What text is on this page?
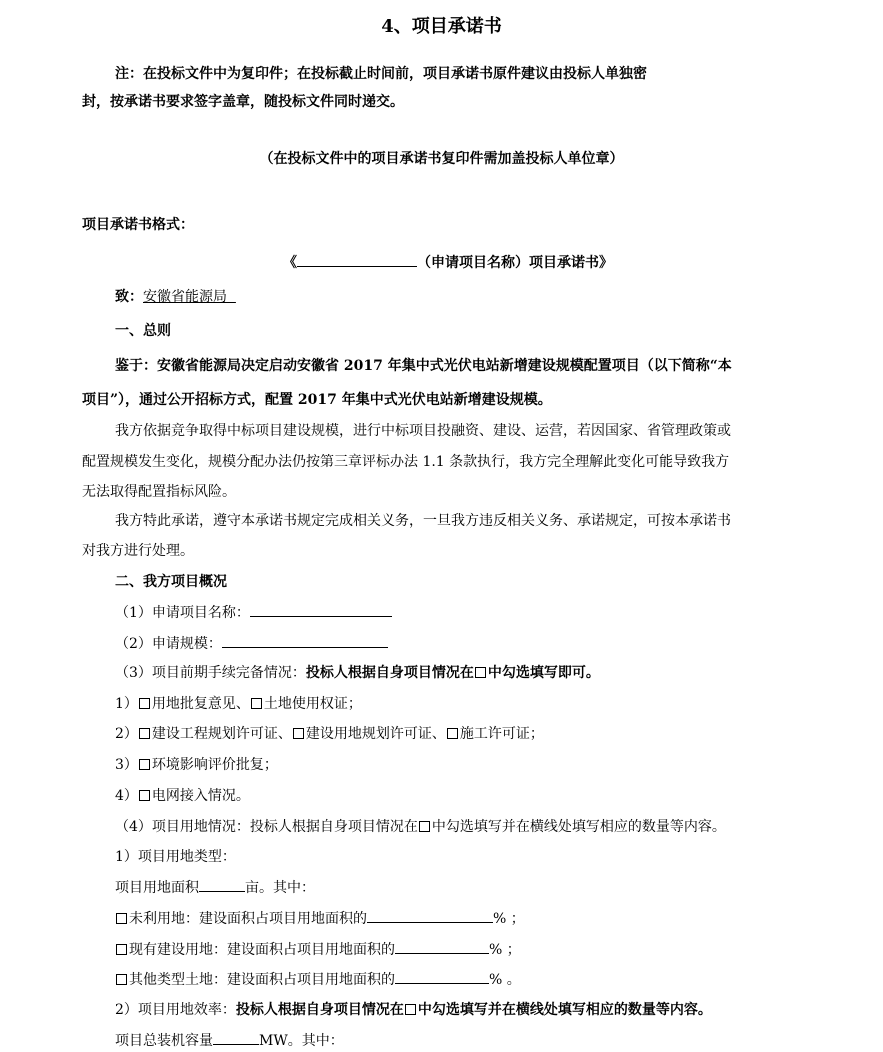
4、项目承诺书
注：在投标文件中为复印件；在投标截止时间前，项目承诺书原件建议由投标人单独密
封，按承诺书要求签字盖章，随投标文件同时递交。
（在投标文件中的项目承诺书复印件需加盖投标人单位章）
项目承诺书格式：
《	（申请项目名称）项目承诺书》
致：安徽省能源局
一、总则
鉴于：安徽省能源局决定启动安徽省 2017 年集中式光伏电站新增建设规模配置项目（以下简称“本
项目”），通过公开招标方式，配置 2017 年集中式光伏电站新增建设规模。
我方依据竞争取得中标项目建设规模，进行中标项目投融资、建设、运营，若因国家、省管理政策或
配置规模发生变化，规模分配办法仍按第三章评标办法 1.1 条款执行，我方完全理解此变化可能导致我方
无法取得配置指标风险。
我方特此承诺，遵守本承诺书规定完成相关义务，一旦我方违反相关义务、承诺规定，可按本承诺书
对我方进行处理。
二、我方项目概况
（1）申请项目名称：
（2）申请规模：
（3）项目前期手续完备情况：投标人根据自身项目情况在 中勾选填写即可。
1） 用地批复意见、 土地使用权证；
2） 建设工程规划许可证、 建设用地规划许可证、 施工许可证；
3） 环境影响评价批复；
4） 电网接入情况。
（4）项目用地情况：投标人根据自身项目情况在 中勾选填写并在横线处填写相应的数量等内容。
1）项目用地类型：
项目用地面积	亩。其中：
未利用地：建设面积占项目用地面积的	% ；
现有建设用地：建设面积占项目用地面积的	% ；
其他类型土地：建设面积占项目用地面积的	% 。
2）项目用地效率：投标人根据自身项目情况在 中勾选填写并在横线处填写相应的数量等内容。
项目总装机容量	MW。其中：
